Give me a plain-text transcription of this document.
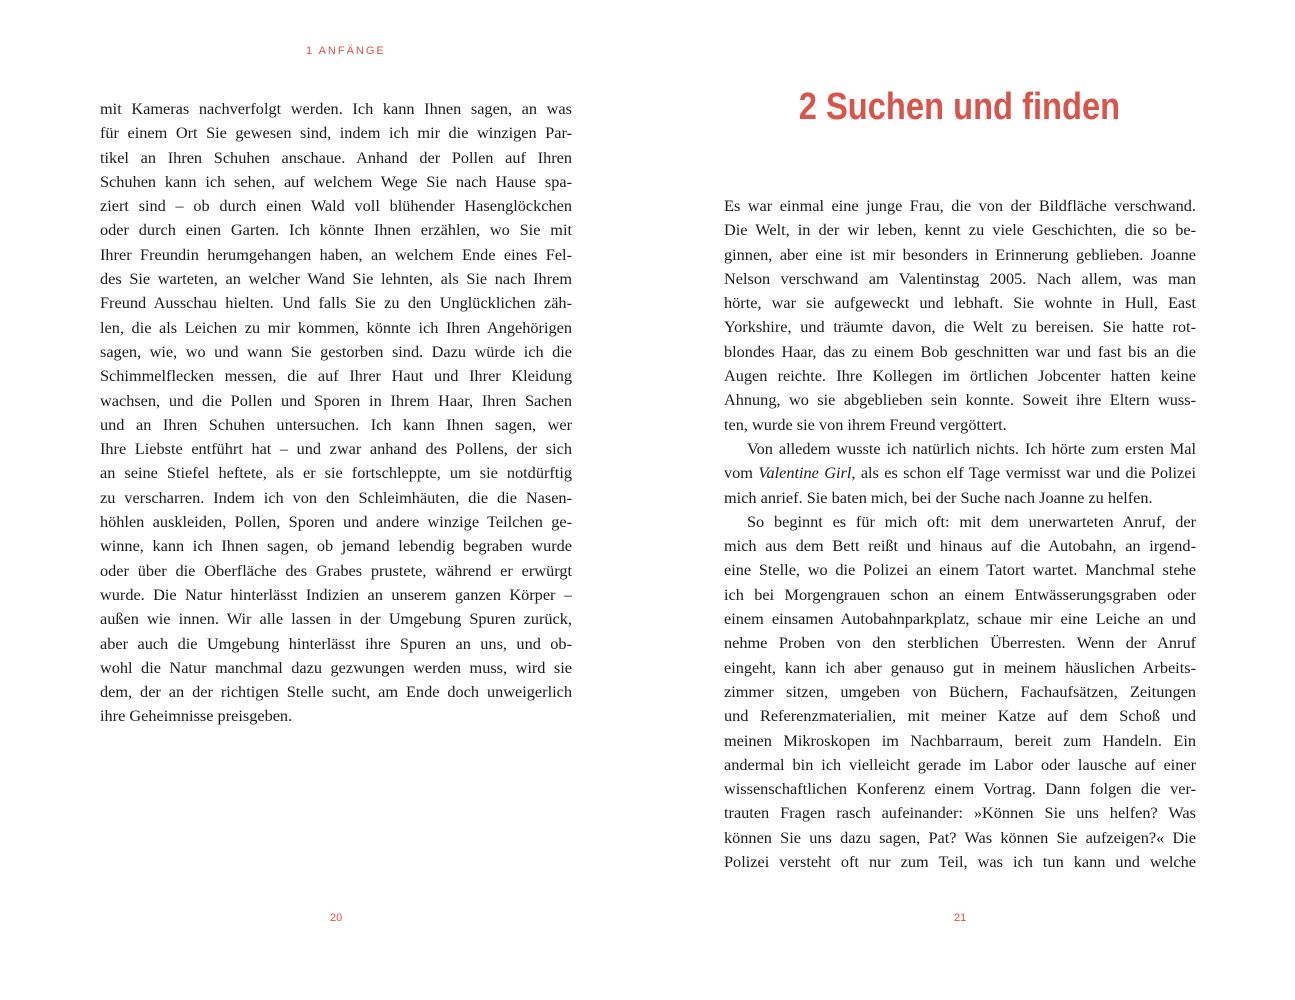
1 ANFÄNGE
mit Kameras nachverfolgt werden. Ich kann Ihnen sagen, an was
für einem Ort Sie gewesen sind, indem ich mir die winzigen Par-
tikel an Ihren Schuhen anschaue. Anhand der Pollen auf Ihren
Schuhen kann ich sehen, auf welchem Wege Sie nach Hause spa-
ziert sind – ob durch einen Wald voll blühender Hasenglöckchen
oder durch einen Garten. Ich könnte Ihnen erzählen, wo Sie mit
Ihrer Freundin herumgehangen haben, an welchem Ende eines Fel-
des Sie warteten, an welcher Wand Sie lehnten, als Sie nach Ihrem
Freund Ausschau hielten. Und falls Sie zu den Unglücklichen zäh-
len, die als Leichen zu mir kommen, könnte ich Ihren Angehörigen
sagen, wie, wo und wann Sie gestorben sind. Dazu würde ich die
Schimmelflecken messen, die auf Ihrer Haut und Ihrer Kleidung
wachsen, und die Pollen und Sporen in Ihrem Haar, Ihren Sachen
und an Ihren Schuhen untersuchen. Ich kann Ihnen sagen, wer
Ihre Liebste entführt hat – und zwar anhand des Pollens, der sich
an seine Stiefel heftete, als er sie fortschleppte, um sie notdürftig
zu verscharren. Indem ich von den Schleimhäuten, die die Nasen-
höhlen auskleiden, Pollen, Sporen und andere winzige Teilchen ge-
winne, kann ich Ihnen sagen, ob jemand lebendig begraben wurde
oder über die Oberfläche des Grabes prustete, während er erwürgt
wurde. Die Natur hinterlässt Indizien an unserem ganzen Körper –
außen wie innen. Wir alle lassen in der Umgebung Spuren zurück,
aber auch die Umgebung hinterlässt ihre Spuren an uns, und ob-
wohl die Natur manchmal dazu gezwungen werden muss, wird sie
dem, der an der richtigen Stelle sucht, am Ende doch unweigerlich
ihre Geheimnisse preisgeben.
20
2 Suchen und finden
Es war einmal eine junge Frau, die von der Bildfläche verschwand.
Die Welt, in der wir leben, kennt zu viele Geschichten, die so be-
ginnen, aber eine ist mir besonders in Erinnerung geblieben. Joanne
Nelson verschwand am Valentinstag 2005. Nach allem, was man
hörte, war sie aufgeweckt und lebhaft. Sie wohnte in Hull, East
Yorkshire, und träumte davon, die Welt zu bereisen. Sie hatte rot-
blondes Haar, das zu einem Bob geschnitten war und fast bis an die
Augen reichte. Ihre Kollegen im örtlichen Jobcenter hatten keine
Ahnung, wo sie abgeblieben sein konnte. Soweit ihre Eltern wuss-
ten, wurde sie von ihrem Freund vergöttert.
Von alledem wusste ich natürlich nichts. Ich hörte zum ersten Mal
vom Valentine Girl, als es schon elf Tage vermisst war und die Polizei
mich anrief. Sie baten mich, bei der Suche nach Joanne zu helfen.
So beginnt es für mich oft: mit dem unerwarteten Anruf, der
mich aus dem Bett reißt und hinaus auf die Autobahn, an irgend-
eine Stelle, wo die Polizei an einem Tatort wartet. Manchmal stehe
ich bei Morgengrauen schon an einem Entwässerungsgraben oder
einem einsamen Autobahnparkplatz, schaue mir eine Leiche an und
nehme Proben von den sterblichen Überresten. Wenn der Anruf
eingeht, kann ich aber genauso gut in meinem häuslichen Arbeits-
zimmer sitzen, umgeben von Büchern, Fachaufsätzen, Zeitungen
und Referenzmaterialien, mit meiner Katze auf dem Schoß und
meinen Mikroskopen im Nachbarraum, bereit zum Handeln. Ein
andermal bin ich vielleicht gerade im Labor oder lausche auf einer
wissenschaftlichen Konferenz einem Vortrag. Dann folgen die ver-
trauten Fragen rasch aufeinander: »Können Sie uns helfen? Was
können Sie uns dazu sagen, Pat? Was können Sie aufzeigen?« Die
Polizei versteht oft nur zum Teil, was ich tun kann und welche
21
